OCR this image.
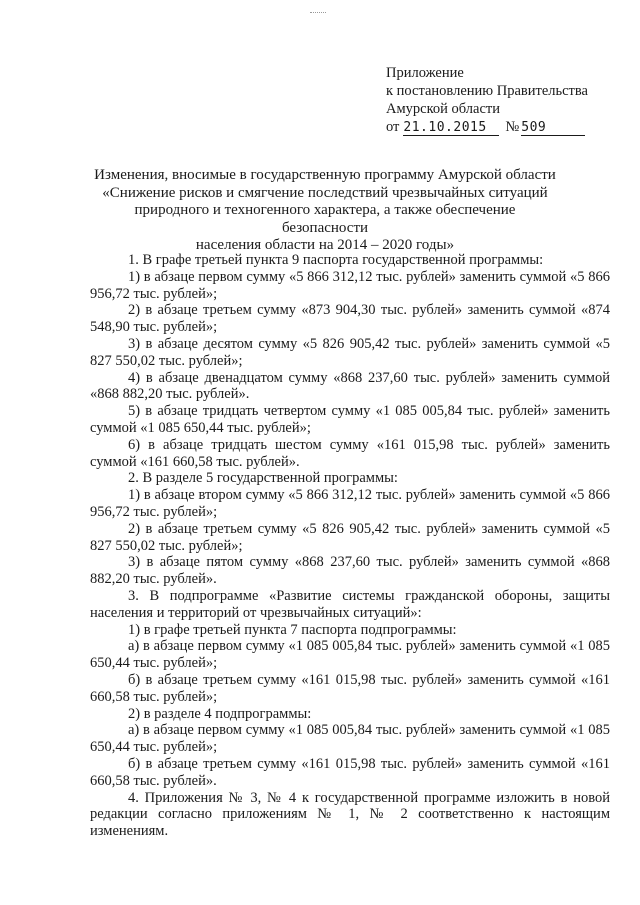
Приложение
к постановлению Правительства
Амурской области
от 21.10.2015 № 509
Изменения, вносимые в государственную программу Амурской области
«Снижение рисков и смягчение последствий чрезвычайных ситуаций
природного и техногенного характера, а также обеспечение безопасности
населения области на 2014 – 2020 годы»

1. В графе третьей пункта 9 паспорта государственной программы:

1) в абзаце первом сумму «5 866 312,12 тыс. рублей» заменить суммой «5 866 956,72 тыс. рублей»;

2) в абзаце третьем сумму «873 904,30 тыс. рублей» заменить суммой «874 548,90 тыс. рублей»;

3) в абзаце десятом сумму «5 826 905,42 тыс. рублей» заменить суммой «5 827 550,02 тыс. рублей»;

4) в абзаце двенадцатом сумму «868 237,60 тыс. рублей» заменить суммой «868 882,20 тыс. рублей».

5) в абзаце тридцать четвертом сумму «1 085 005,84 тыс. рублей» заменить суммой «1 085 650,44 тыс. рублей»;

6) в абзаце тридцать шестом сумму «161 015,98 тыс. рублей» заменить суммой «161 660,58 тыс. рублей».

2. В разделе 5 государственной программы:

1) в абзаце втором сумму «5 866 312,12 тыс. рублей» заменить суммой «5 866 956,72 тыс. рублей»;

2) в абзаце третьем сумму «5 826 905,42 тыс. рублей» заменить суммой «5 827 550,02 тыс. рублей»;

3) в абзаце пятом сумму «868 237,60 тыс. рублей» заменить суммой «868 882,20 тыс. рублей».

3. В подпрограмме «Развитие системы гражданской обороны, защиты населения и территорий от чрезвычайных ситуаций»:

1) в графе третьей пункта 7 паспорта подпрограммы:

а) в абзаце первом сумму «1 085 005,84 тыс. рублей» заменить суммой «1 085 650,44 тыс. рублей»;

б) в абзаце третьем сумму «161 015,98 тыс. рублей» заменить суммой «161 660,58 тыс. рублей»;

2) в разделе 4 подпрограммы:

а) в абзаце первом сумму «1 085 005,84 тыс. рублей» заменить суммой «1 085 650,44 тыс. рублей»;

б) в абзаце третьем сумму «161 015,98 тыс. рублей» заменить суммой «161 660,58 тыс. рублей».

4. Приложения № 3, № 4 к государственной программе изложить в новой редакции согласно приложениям № 1, № 2 соответственно к настоящим изменениям.
